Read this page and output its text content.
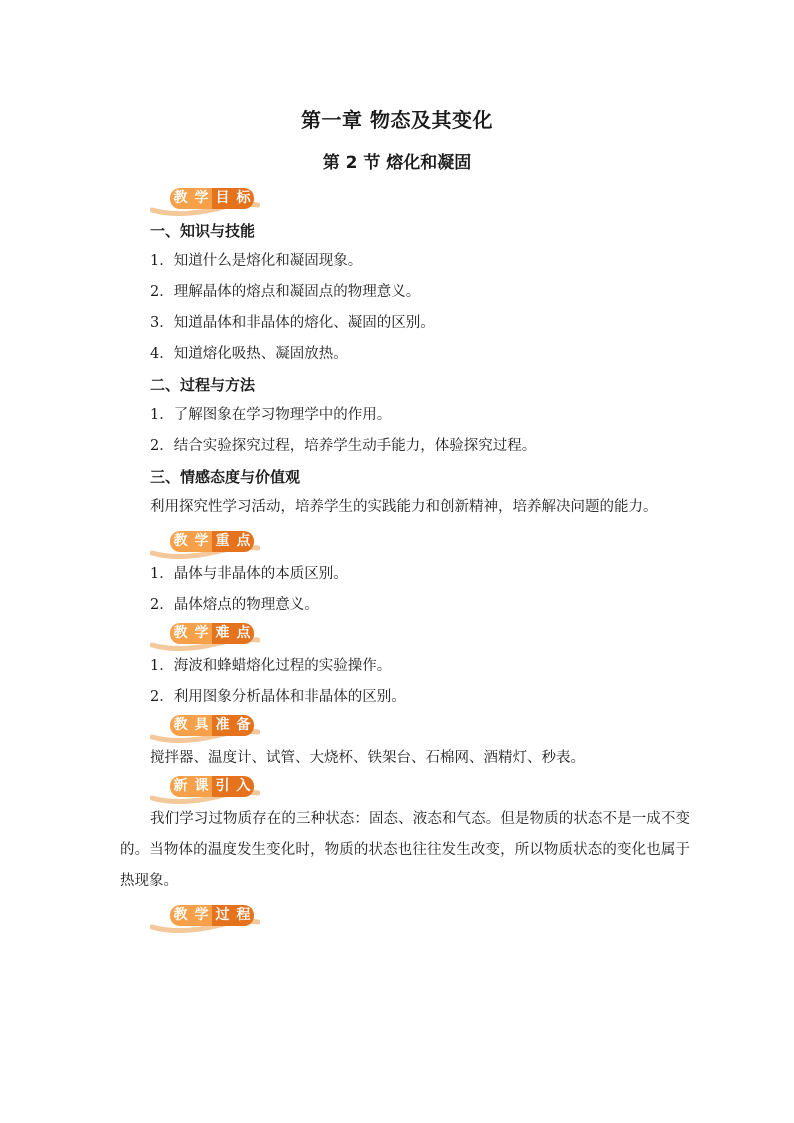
第一章 物态及其变化
第 2 节 熔化和凝固
教 学 目 标
一、知识与技能
1．知道什么是熔化和凝固现象。
2．理解晶体的熔点和凝固点的物理意义。
3．知道晶体和非晶体的熔化、凝固的区别。
4．知道熔化吸热、凝固放热。
二、过程与方法
1．了解图象在学习物理学中的作用。
2．结合实验探究过程，培养学生动手能力，体验探究过程。
三、情感态度与价值观
利用探究性学习活动，培养学生的实践能力和创新精神，培养解决问题的能力。
教 学 重 点
1．晶体与非晶体的本质区别。
2．晶体熔点的物理意义。
教 学 难 点
1．海波和蜂蜡熔化过程的实验操作。
2．利用图象分析晶体和非晶体的区别。
教 具 准 备
搅拌器、温度计、试管、大烧杯、铁架台、石棉网、酒精灯、秒表。
新 课 引 入
我们学习过物质存在的三种状态：固态、液态和气态。但是物质的状态不是一成不变的。当物体的温度发生变化时，物质的状态也往往发生改变，所以物质状态的变化也属于热现象。
教 学 过 程
